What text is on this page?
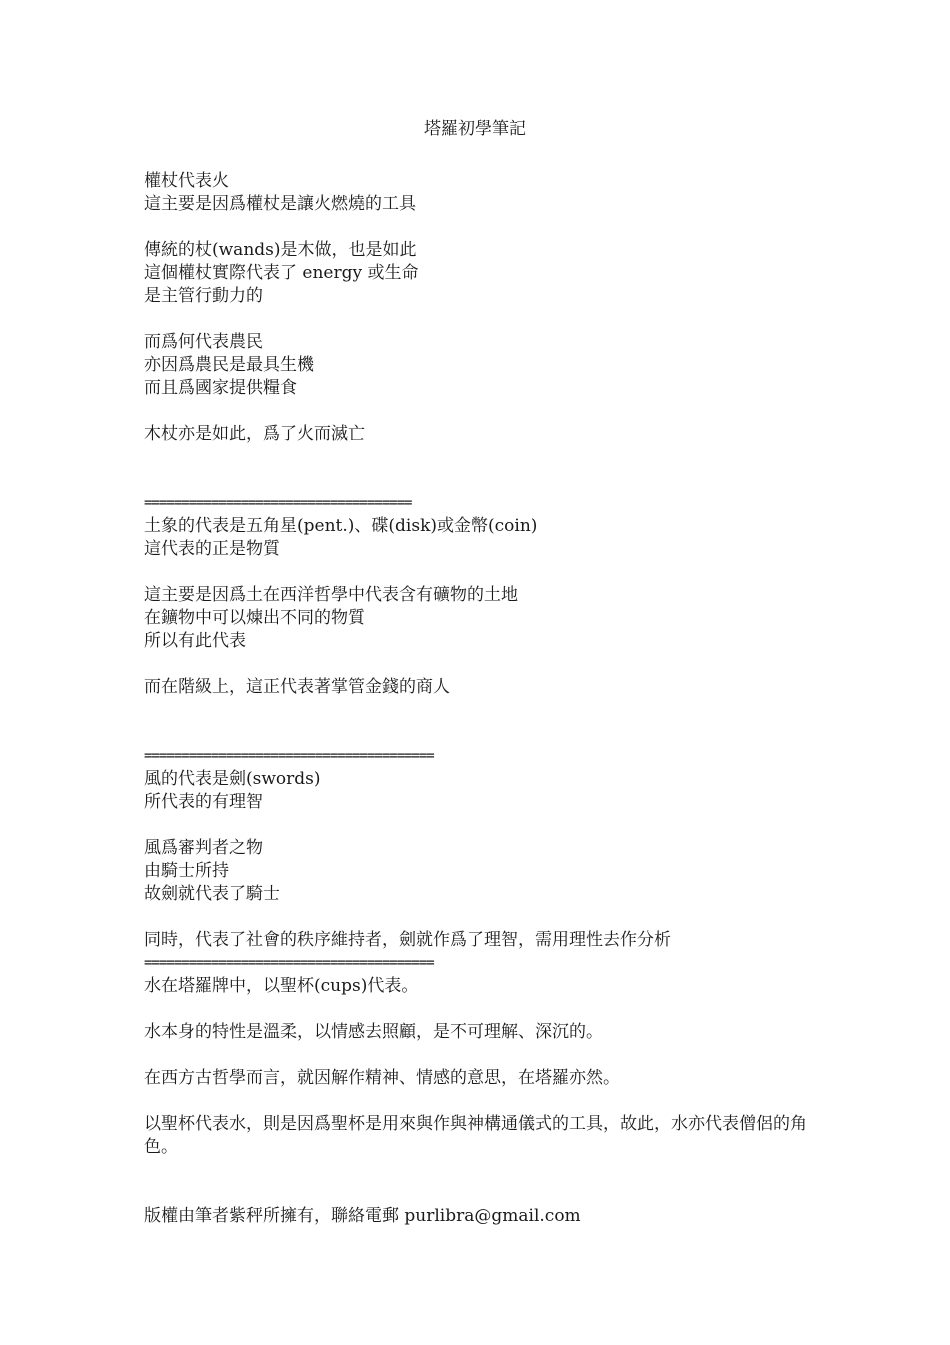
塔羅初學筆記
權杖代表火
這主要是因爲權杖是讓火燃燒的工具
傳統的杖(wands)是木做，也是如此
這個權杖實際代表了 energy 或生命
是主管行動力的
而爲何代表農民
亦因爲農民是最具生機
而且爲國家提供糧食
木杖亦是如此，爲了火而滅亡
====================================
土象的代表是五角星(pent.)、碟(disk)或金幣(coin)
這代表的正是物質
這主要是因爲土在西洋哲學中代表含有礦物的土地
在鑛物中可以煉出不同的物質
所以有此代表
而在階級上，這正代表著掌管金錢的商人
=======================================
風的代表是劍(swords)
所代表的有理智
風爲審判者之物
由騎士所持
故劍就代表了騎士
同時，代表了社會的秩序維持者，劍就作爲了理智，需用理性去作分析
=======================================
水在塔羅牌中，以聖杯(cups)代表。
水本身的特性是溫柔，以情感去照顧，是不可理解、深沉的。
在西方古哲學而言，就因解作精神、情感的意思，在塔羅亦然。
以聖杯代表水，則是因爲聖杯是用來與作與神構通儀式的工具，故此，水亦代表僧侶的角色。
版權由筆者紫秤所擁有，聯絡電郵 purlibra@gmail.com
